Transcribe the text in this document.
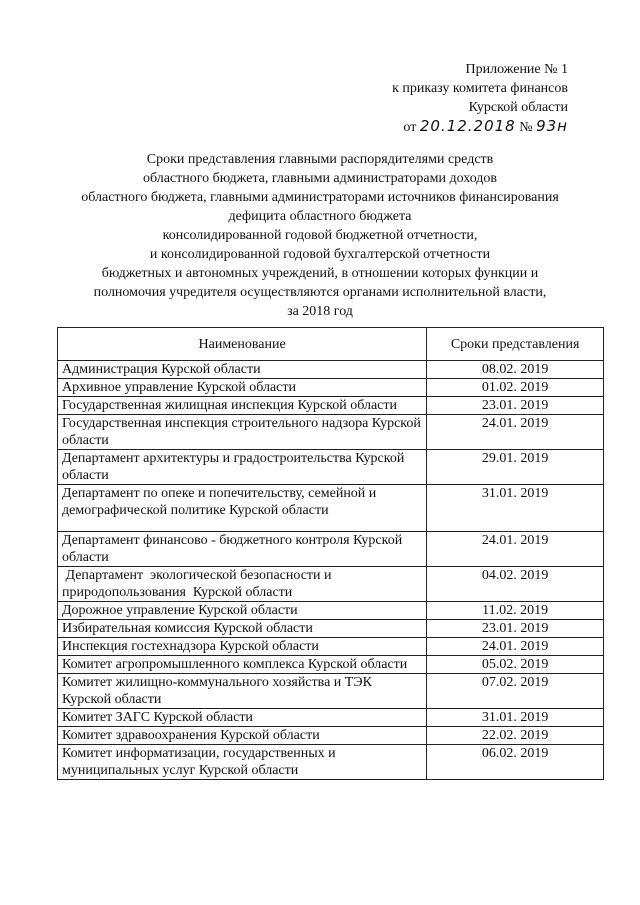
Приложение № 1
к приказу комитета финансов
Курской области
от 20.12.2018 № 93н
Сроки представления главными распорядителями средств
областного бюджета, главными администраторами доходов
областного бюджета, главными администраторами источников финансирования
дефицита областного бюджета
консолидированной годовой бюджетной отчетности,
и консолидированной годовой бухгалтерской отчетности
бюджетных и автономных учреждений, в отношении которых функции и
полномочия учредителя осуществляются органами исполнительной власти,
за 2018 год
Наименование	Сроки представления
Администрация Курской области	08.02. 2019
Архивное управление Курской области	01.02. 2019
Государственная жилищная инспекция Курской области	23.01. 2019
Государственная инспекция строительного надзора Курской области	24.01. 2019
Департамент архитектуры и градостроительства Курской области	29.01. 2019
Департамент по опеке и попечительству, семейной и демографической политике Курской области	31.01. 2019
Департамент финансово - бюджетного контроля Курской области	24.01. 2019
Департамент  экологической безопасности и природопользования  Курской области	04.02. 2019
Дорожное управление Курской области	11.02. 2019
Избирательная комиссия Курской области	23.01. 2019
Инспекция гостехнадзора Курской области	24.01. 2019
Комитет агропромышленного комплекса Курской области	05.02. 2019
Комитет жилищно-коммунального хозяйства и ТЭК Курской области	07.02. 2019
Комитет ЗАГС Курской области	31.01. 2019
Комитет здравоохранения Курской области	22.02. 2019
Комитет информатизации, государственных и муниципальных услуг Курской области	06.02. 2019
